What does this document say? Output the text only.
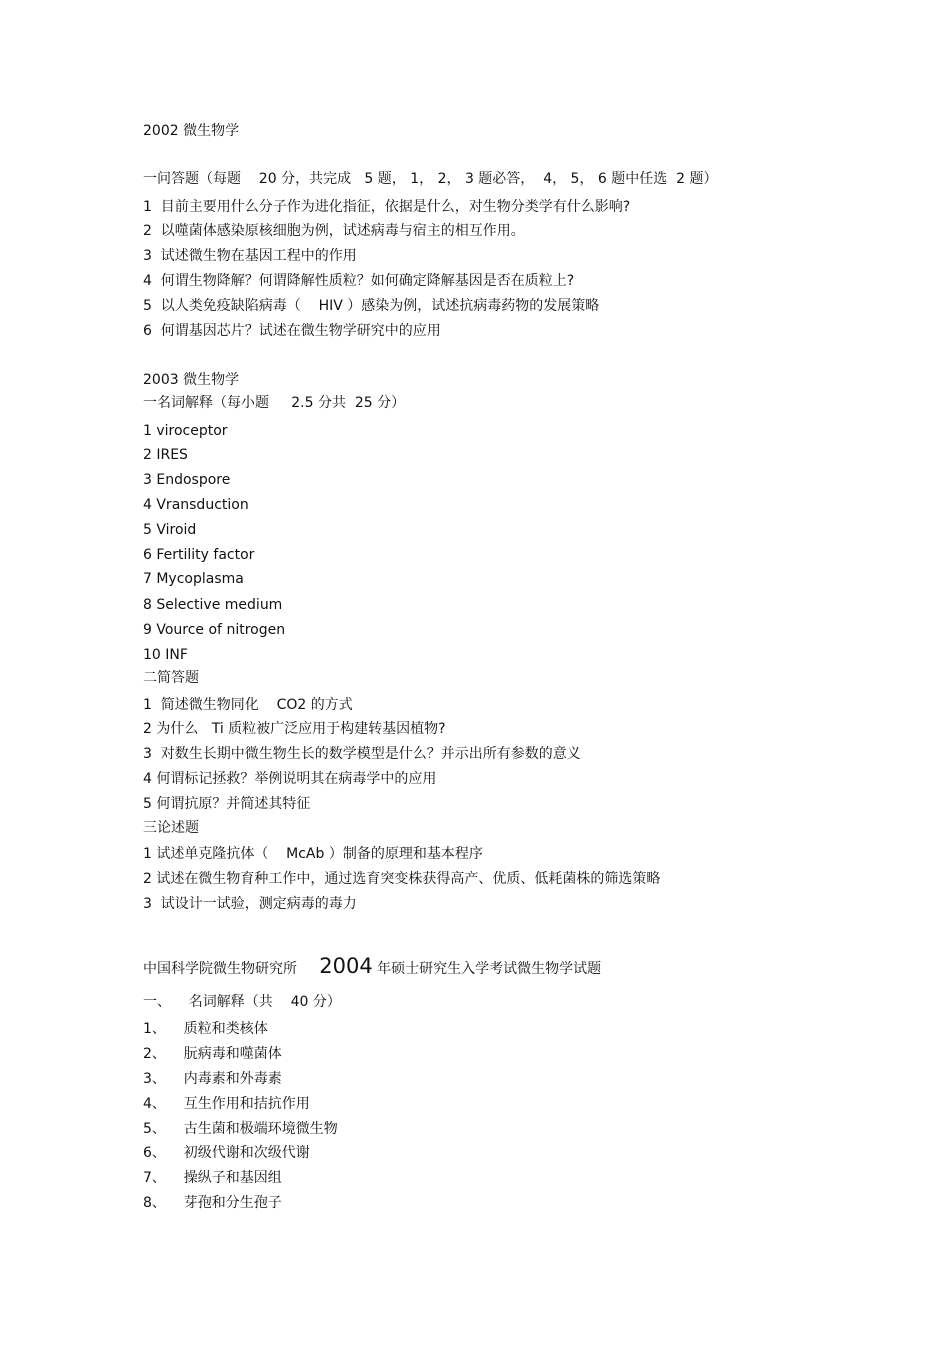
2002 微生物学
一问答题（每题    20 分，共完成   5 题， 1， 2， 3 题必答，  4， 5， 6 题中任选  2 题）
1  目前主要用什么分子作为进化指征，依据是什么，对生物分类学有什么影响?
2  以噬菌体感染原核细胞为例，试述病毒与宿主的相互作用。
3  试述微生物在基因工程中的作用
4  何谓生物降解？何谓降解性质粒？如何确定降解基因是否在质粒上?
5  以人类免疫缺陷病毒（    HIV ）感染为例，试述抗病毒药物的发展策略
6  何谓基因芯片？试述在微生物学研究中的应用
2003 微生物学
一名词解释（每小题     2.5 分共  25 分）
1 viroceptor
2 IRES
3 Endospore
4 Vransduction
5 Viroid
6 Fertility factor
7 Mycoplasma
8 Selective medium
9 Vource of nitrogen
10 INF
二简答题
1  简述微生物同化    CO2 的方式
2 为什么   Ti 质粒被广泛应用于构建转基因植物?
3  对数生长期中微生物生长的数学模型是什么？并示出所有参数的意义
4 何谓标记拯救？举例说明其在病毒学中的应用
5 何谓抗原？并简述其特征
三论述题
1 试述单克隆抗体（    McAb ）制备的原理和基本程序
2 试述在微生物育种工作中，通过选育突变株获得高产、优质、低耗菌株的筛选策略
3  试设计一试验，测定病毒的毒力
中国科学院微生物研究所     2004 年硕士研究生入学考试微生物学试题
一、    名词解释（共    40 分）
1、    质粒和类核体
2、    朊病毒和噬菌体
3、    内毒素和外毒素
4、    互生作用和拮抗作用
5、    古生菌和极端环境微生物
6、    初级代谢和次级代谢
7、    操纵子和基因组
8、    芽孢和分生孢子
